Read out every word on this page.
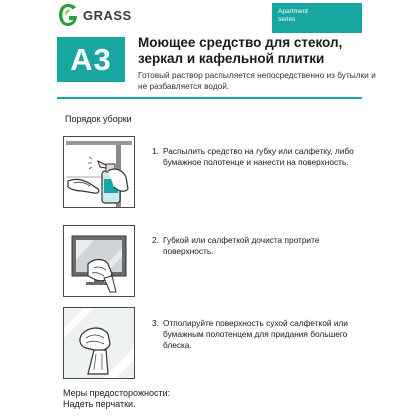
GRASS	Apartment
series
А3 Моющее средство для стекол, зеркал и кафельной плитки
Готовый раствор распыляется непосредственно из бутылки и не разбавляется водой.
Порядок уборки
1. Распылить средство на губку или салфетку, либо бумажное полотенце и нанести на поверхность.
2. Губкой или салфеткой дочиста протрите поверхность.
3. Отполируйте поверхность сухой салфеткой или бумажным полотенцем для придания большего блеска.
Меры предосторожности:
Надеть перчатки.
